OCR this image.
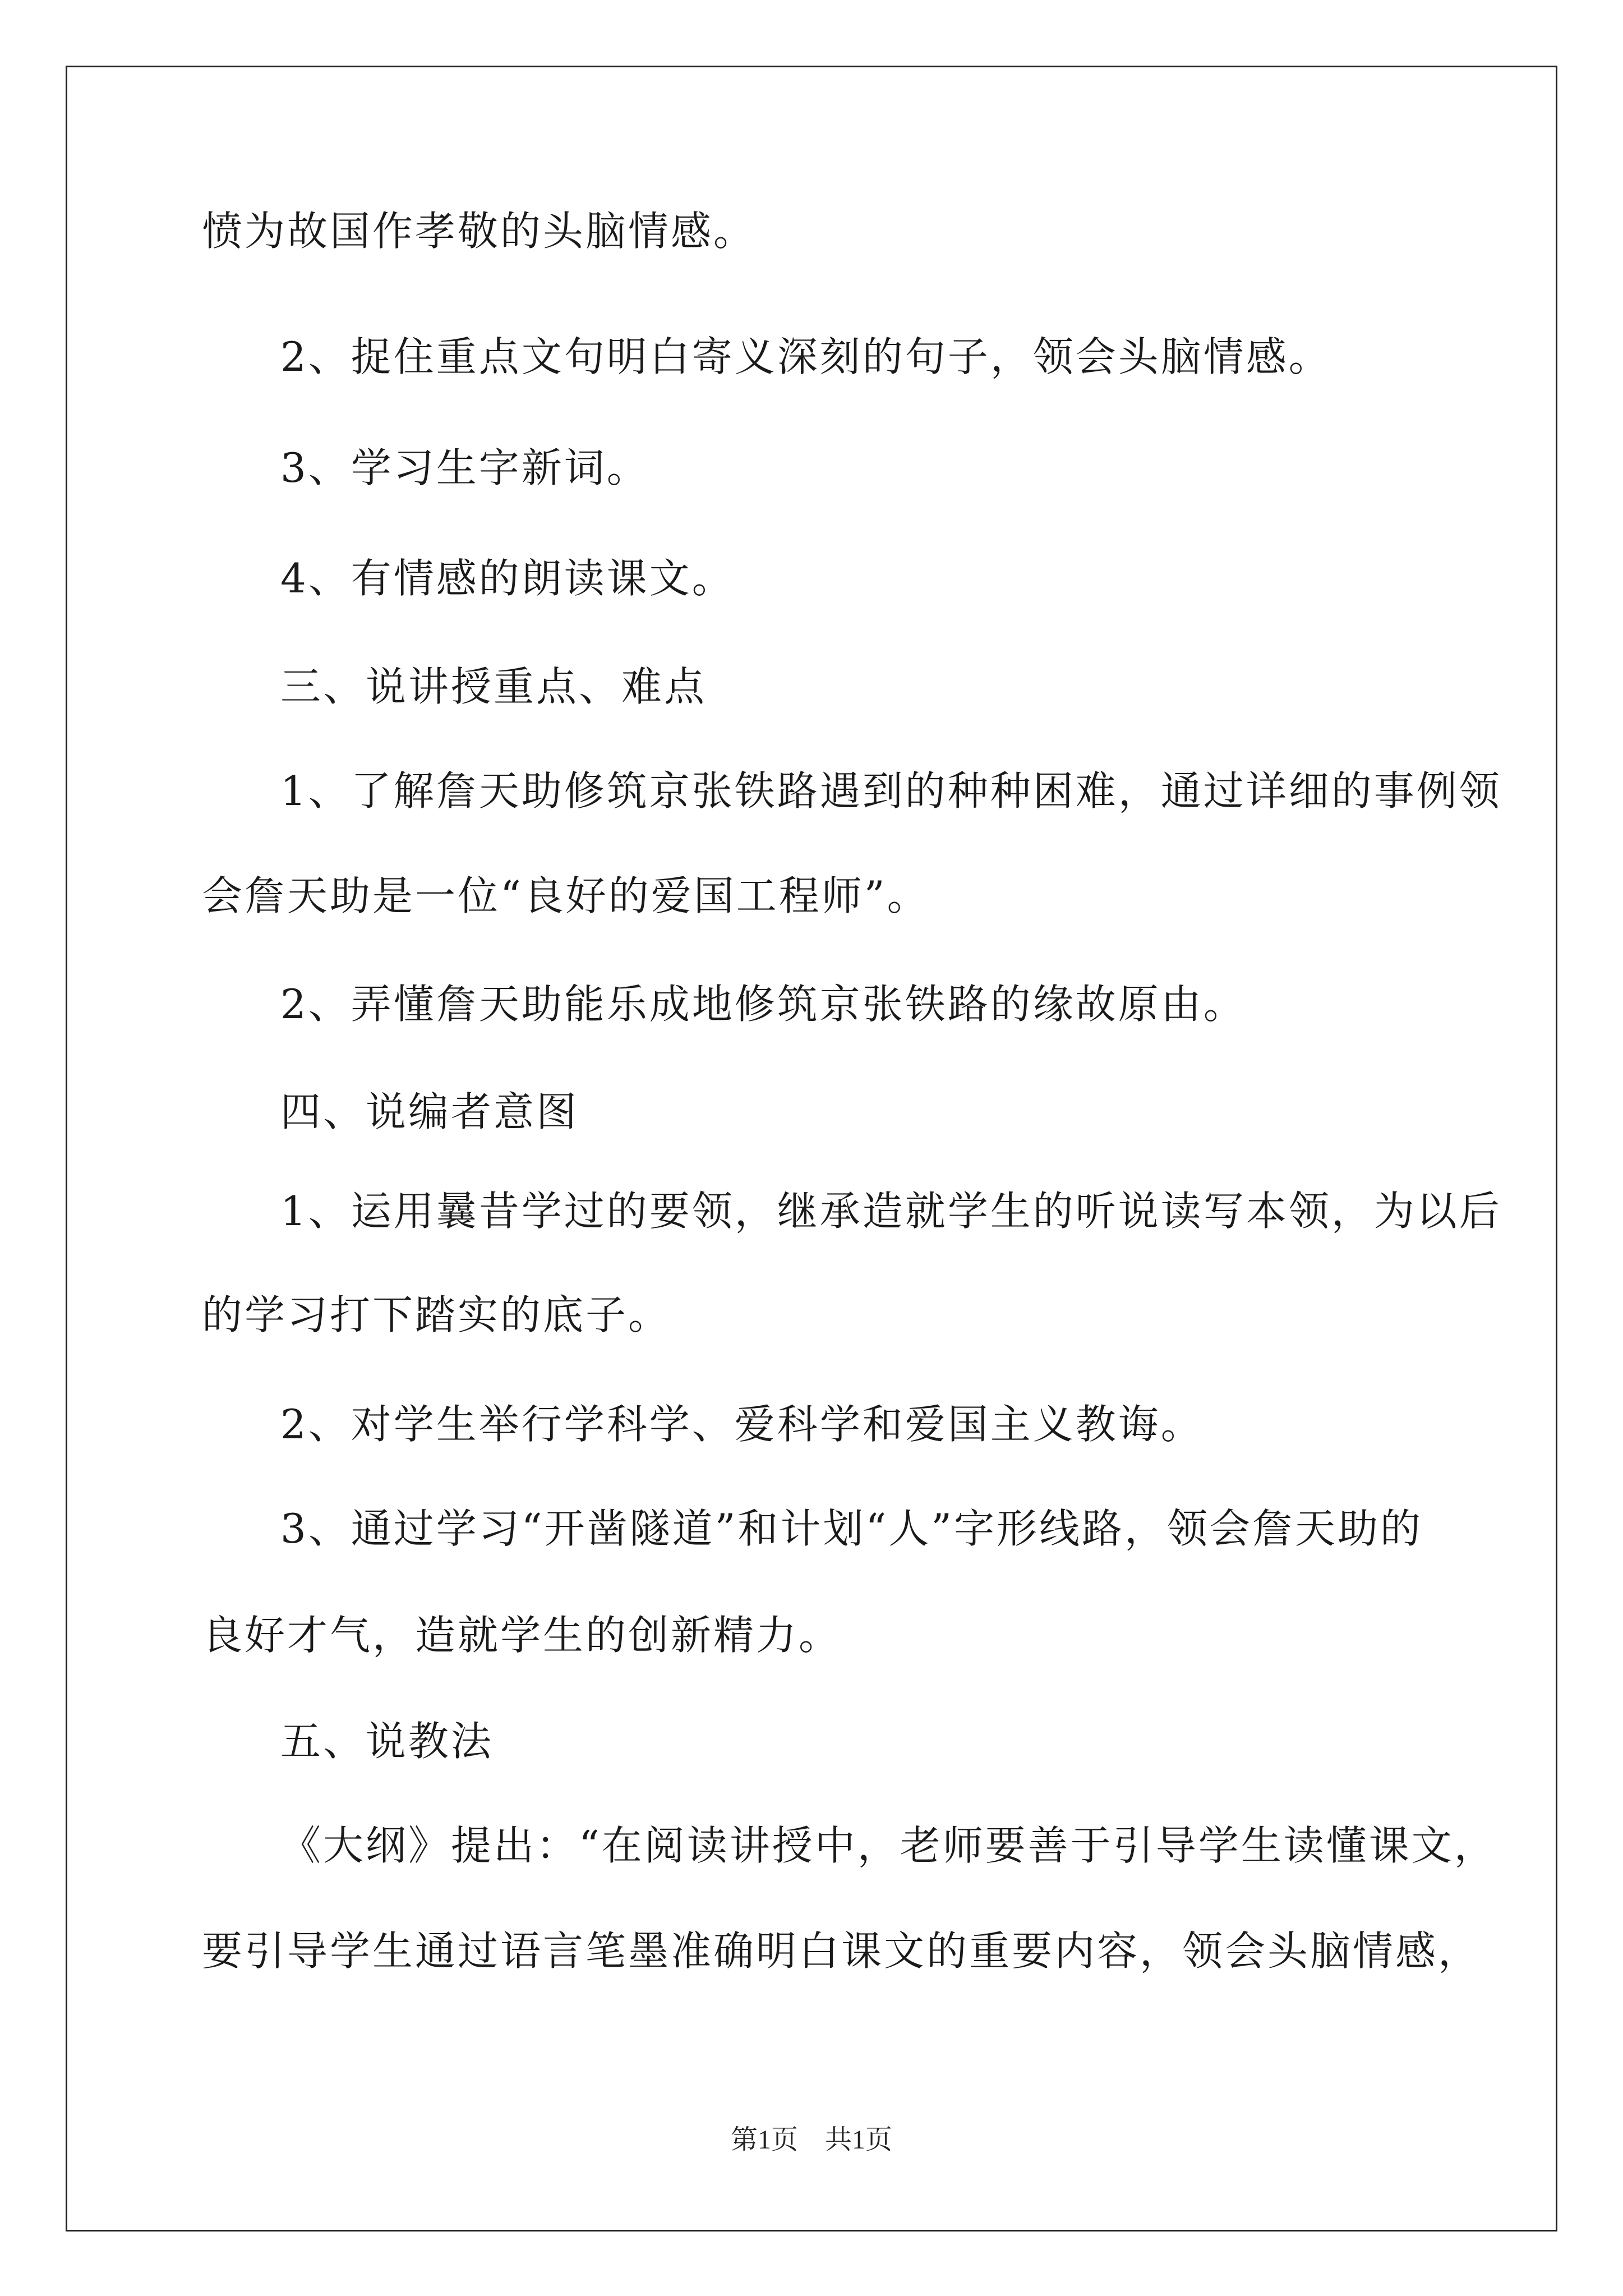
愤为故国作孝敬的头脑情感。
2、捉住重点文句明白寄义深刻的句子，领会头脑情感。
3、学习生字新词。
4、有情感的朗读课文。
三、说讲授重点、难点
1、了解詹天助修筑京张铁路遇到的种种困难，通过详细的事例领
会詹天助是一位“良好的爱国工程师”。
2、弄懂詹天助能乐成地修筑京张铁路的缘故原由。
四、说编者意图
1、运用曩昔学过的要领，继承造就学生的听说读写本领，为以后
的学习打下踏实的底子。
2、对学生举行学科学、爱科学和爱国主义教诲。
3、通过学习“开凿隧道”和计划“人”字形线路，领会詹天助的
良好才气，造就学生的创新精力。
五、说教法
《大纲》提出：“在阅读讲授中，老师要善于引导学生读懂课文，
要引导学生通过语言笔墨准确明白课文的重要内容，领会头脑情感，
第1页　共1页
